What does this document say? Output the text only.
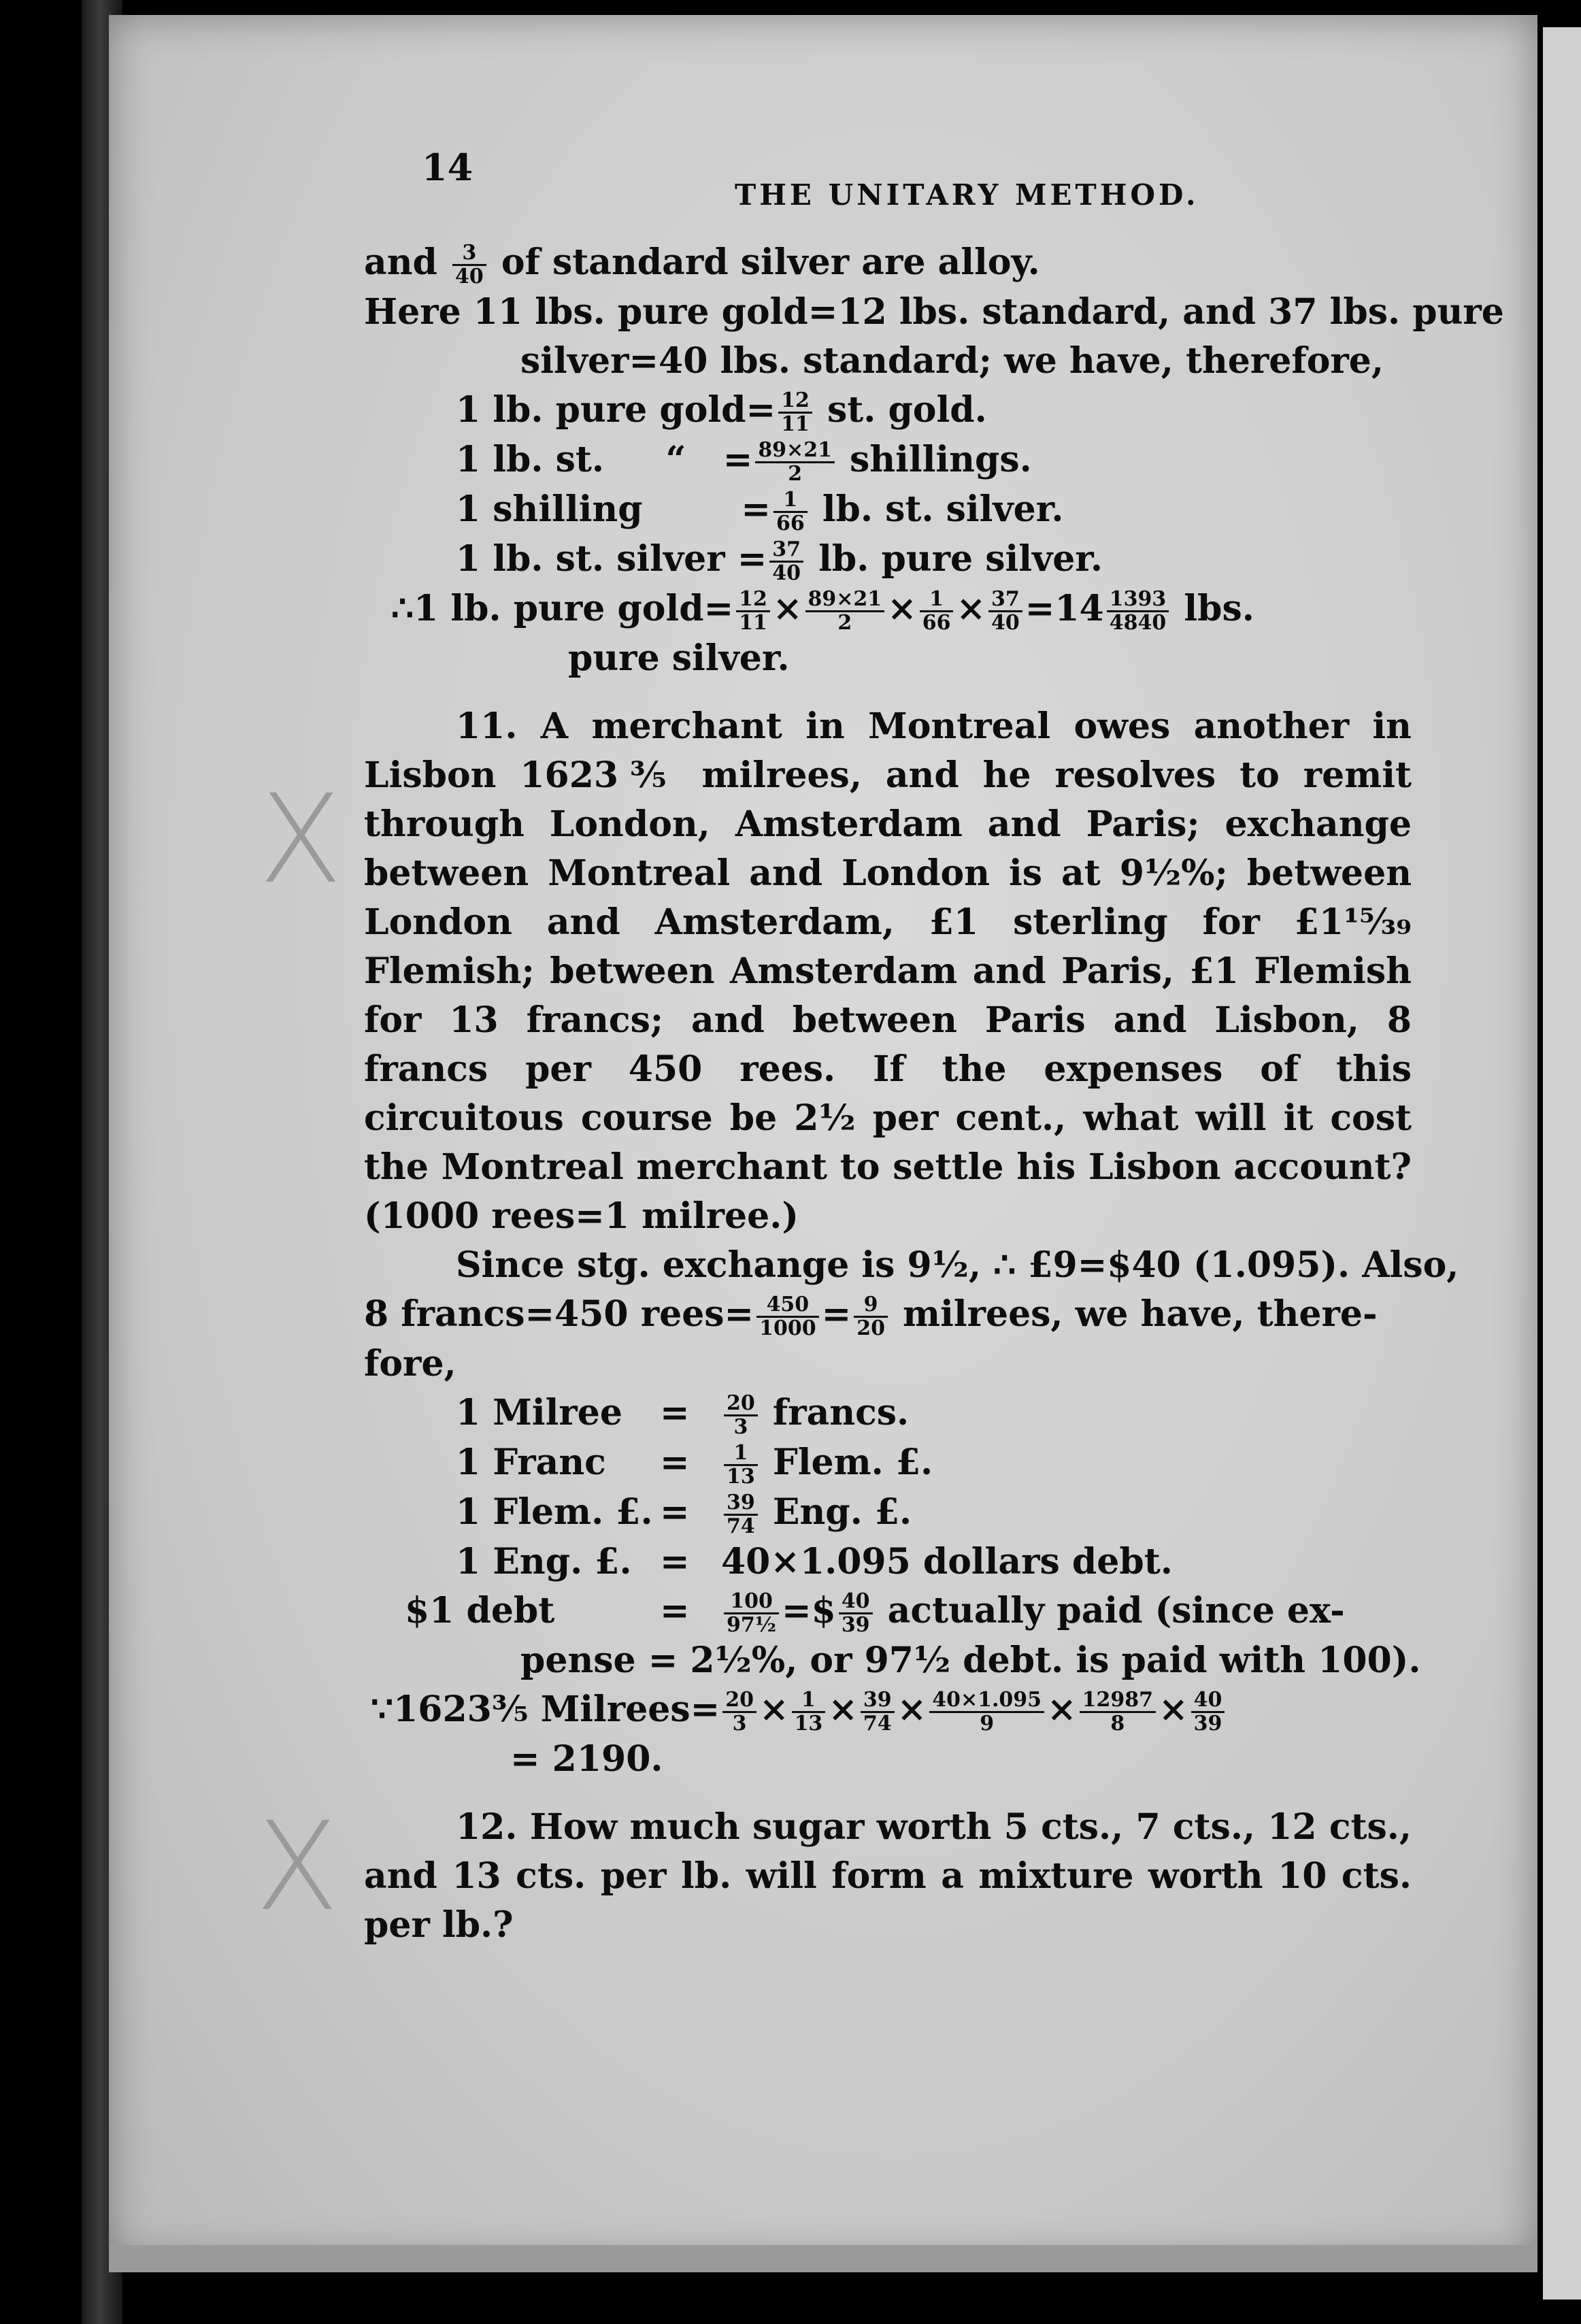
X
X
14
THE UNITARY METHOD.

and $\frac{3}{40}$ of standard silver are alloy.

Here 11 lbs. pure gold=12 lbs. standard, and 37 lbs. pure

silver=40 lbs. standard; we have, therefore,

1 lb. pure gold= $\frac{12}{11}$ st. gold.

1 lb. st.     “   = $\frac{89\times 21}{2}$ shillings.

1 shilling        = $\frac{1}{66}$ lb. st. silver.

1 lb. st. silver = $\frac{37}{40}$ lb. pure silver.

∴1 lb. pure gold= $\frac{12}{11} \times \frac{89\times 21}{2} \times \frac{1}{66} \times \frac{37}{40} =14 \frac{1393}{4840}$ lbs.

pure silver.

11. A merchant in Montreal owes another in Lisbon 1623⅗ milrees, and he resolves to remit through London, Amsterdam and Paris; exchange between Montreal and London is at 9½%; between London and Amsterdam, £1 sterling for £1¹⁵⁄₃₉ Flemish; between Amsterdam and Paris, £1 Flemish for 13 francs; and between Paris and Lisbon, 8 francs per 450 rees. If the expenses of this circuitous course be 2½ per cent., what will it cost the Montreal merchant to settle his Lisbon account? (1000 rees=1 milree.)

Since stg. exchange is 9½, ∴ £9=$40 (1.095). Also,

8 francs=450 rees= $\frac{450}{1000} = \frac{9}{20}$ milrees, we have, there-

fore,

1 Milree = $\frac{20}{3}$ francs.

1 Franc = $\frac{1}{13}$ Flem. £.

1 Flem. £. = $\frac{39}{74}$ Eng. £.

1 Eng. £. = 40×1.095 dollars debt.

$1 debt	= $\frac{100}{\text{97½}}$ =$ $\frac{40}{39}$ actually paid (since ex-

pense = 2½%, or 97½ debt. is paid with 100).

∵1623⅗ Milrees= $\frac{20}{3} \times \frac{1}{13} \times \frac{39}{74} \times \frac{40\times 1.095}{9} \times \frac{12987}{8} \times \frac{40}{39}$

= 2190.

12. How much sugar worth 5 cts., 7 cts., 12 cts., and 13 cts. per lb. will form a mixture worth 10 cts. per lb.?
